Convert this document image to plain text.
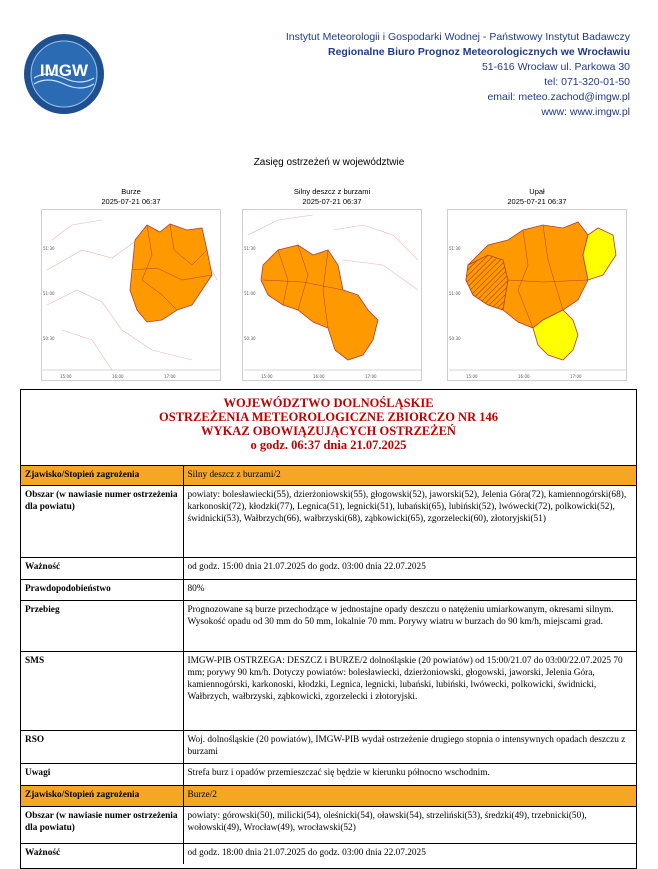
IMGW
Instytut Meteorologii i Gospodarki Wodnej - Państwowy Instytut Badawczy
Regionalne Biuro Prognoz Meteorologicznych we Wrocławiu
51-616 Wrocław ul. Parkowa 30
tel: 071-320-01-50
email: meteo.zachod@imgw.pl
www: www.imgw.pl
Zasięg ostrzeżeń w województwie
Burze
2025-07-21 06:37
51:30
51:00
50:30
15:00	16:00	17:00
Silny deszcz z burzami
2025-07-21 06:37
51:30
51:00
50:30
15:00	16:00	17:00
Upał
2025-07-21 06:37
51:30
51:00
50:30
15:00	16:00	17:00
WOJEWÓDZTWO DOLNOŚLĄSKIE
OSTRZEŻENIA METEOROLOGICZNE ZBIORCZO NR 146
WYKAZ OBOWIĄZUJĄCYCH OSTRZEŻEŃ
o godz. 06:37 dnia 21.07.2025
Zjawisko/Stopień zagrożenia	Silny deszcz z burzami/2
Obszar (w nawiasie numer ostrzeżenia dla powiatu)	powiaty: bolesławiecki(55), dzierżoniowski(55), głogowski(52), jaworski(52), Jelenia Góra(72), kamiennogórski(68), karkonoski(72), kłodzki(77), Legnica(51), legnicki(51), lubański(65), lubiński(52), lwówecki(72), polkowicki(52), świdnicki(53), Wałbrzych(66), wałbrzyski(68), ząbkowicki(65), zgorzelecki(60), złotoryjski(51)
Ważność	od godz. 15:00 dnia 21.07.2025 do godz. 03:00 dnia 22.07.2025
Prawdopodobieństwo	80%
Przebieg	Prognozowane są burze przechodzące w jednostajne opady deszczu o natężeniu umiarkowanym, okresami silnym. Wysokość opadu od 30 mm do 50 mm, lokalnie 70 mm. Porywy wiatru w burzach do 90 km/h, miejscami grad.
SMS	IMGW-PIB OSTRZEGA: DESZCZ i BURZE/2 dolnośląskie (20 powiatów) od 15:00/21.07 do 03:00/22.07.2025 70 mm; porywy 90 km/h. Dotyczy powiatów: bolesławiecki, dzierżoniowski, głogowski, jaworski, Jelenia Góra, kamiennogórski, karkonoski, kłodzki, Legnica, legnicki, lubański, lubiński, lwówecki, polkowicki, świdnicki, Wałbrzych, wałbrzyski, ząbkowicki, zgorzelecki i złotoryjski.
RSO	Woj. dolnośląskie (20 powiatów), IMGW-PIB wydał ostrzeżenie drugiego stopnia o intensywnych opadach deszczu z burzami
Uwagi	Strefa burz i opadów przemieszczać się będzie w kierunku północno wschodnim.
Zjawisko/Stopień zagrożenia	Burze/2
Obszar (w nawiasie numer ostrzeżenia dla powiatu)	powiaty: górowski(50), milicki(54), oleśnicki(54), oławski(54), strzeliński(53), średzki(49), trzebnicki(50), wołowski(49), Wrocław(49), wrocławski(52)
Ważność	od godz. 18:00 dnia 21.07.2025 do godz. 03:00 dnia 22.07.2025
